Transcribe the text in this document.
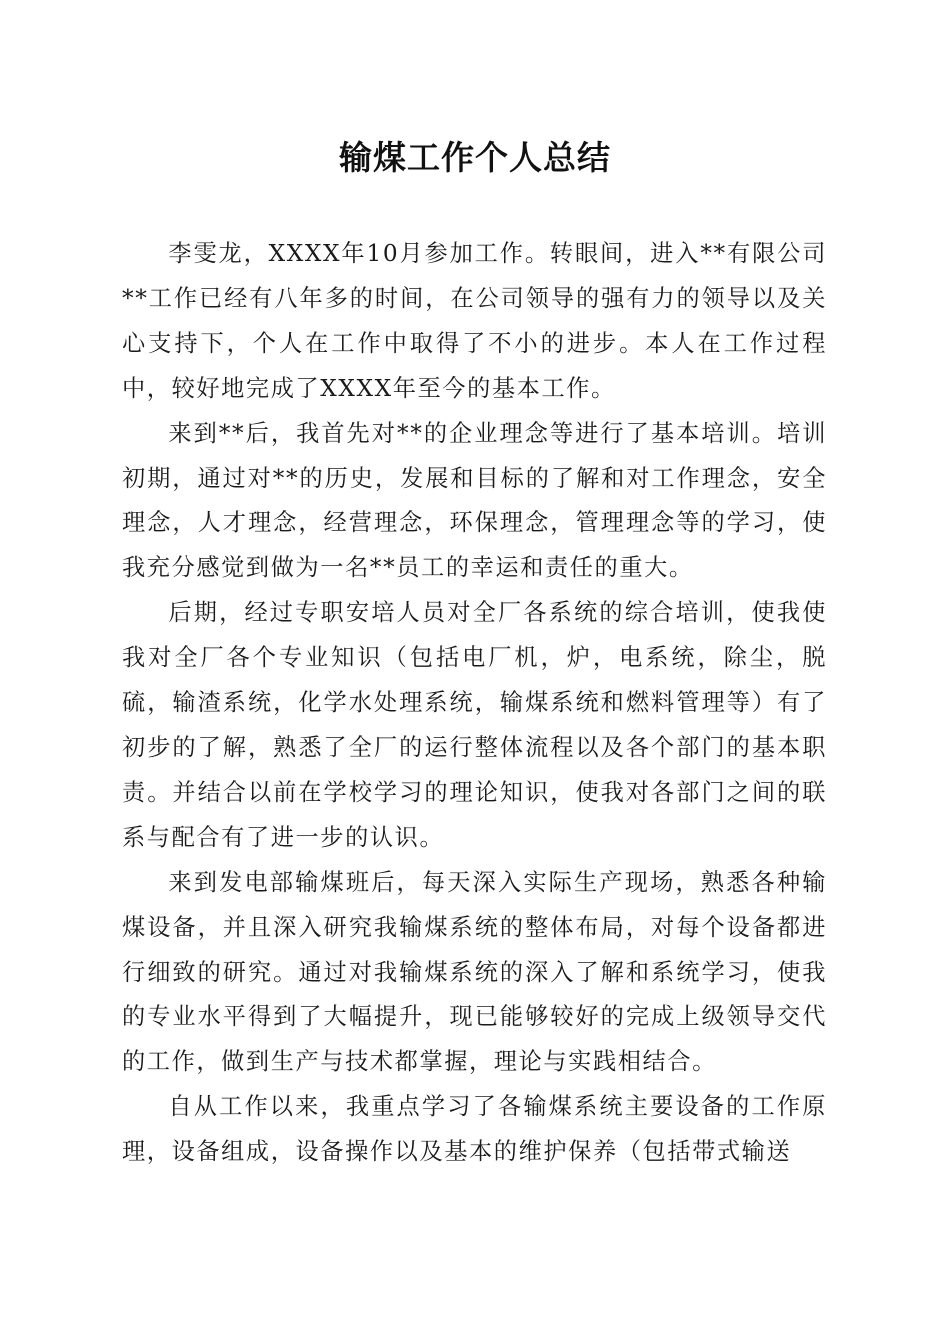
输煤工作个人总结

李雯龙，XXXX年10月参加工作。转眼间，进入**有限公司**工作已经有八年多的时间，在公司领导的强有力的领导以及关心支持下，个人在工作中取得了不小的进步。本人在工作过程中，较好地完成了XXXX年至今的基本工作。

来到**后，我首先对**的企业理念等进行了基本培训。培训初期，通过对**的历史，发展和目标的了解和对工作理念，安全理念，人才理念，经营理念，环保理念，管理理念等的学习，使我充分感觉到做为一名**员工的幸运和责任的重大。

后期，经过专职安培人员对全厂各系统的综合培训，使我使我对全厂各个专业知识（包括电厂机，炉，电系统，除尘，脱硫，输渣系统，化学水处理系统，输煤系统和燃料管理等）有了初步的了解，熟悉了全厂的运行整体流程以及各个部门的基本职责。并结合以前在学校学习的理论知识，使我对各部门之间的联系与配合有了进一步的认识。

来到发电部输煤班后，每天深入实际生产现场，熟悉各种输煤设备，并且深入研究我输煤系统的整体布局，对每个设备都进行细致的研究。通过对我输煤系统的深入了解和系统学习，使我的专业水平得到了大幅提升，现已能够较好的完成上级领导交代的工作，做到生产与技术都掌握，理论与实践相结合。

自从工作以来，我重点学习了各输煤系统主要设备的工作原理，设备组成，设备操作以及基本的维护保养（包括带式输送
